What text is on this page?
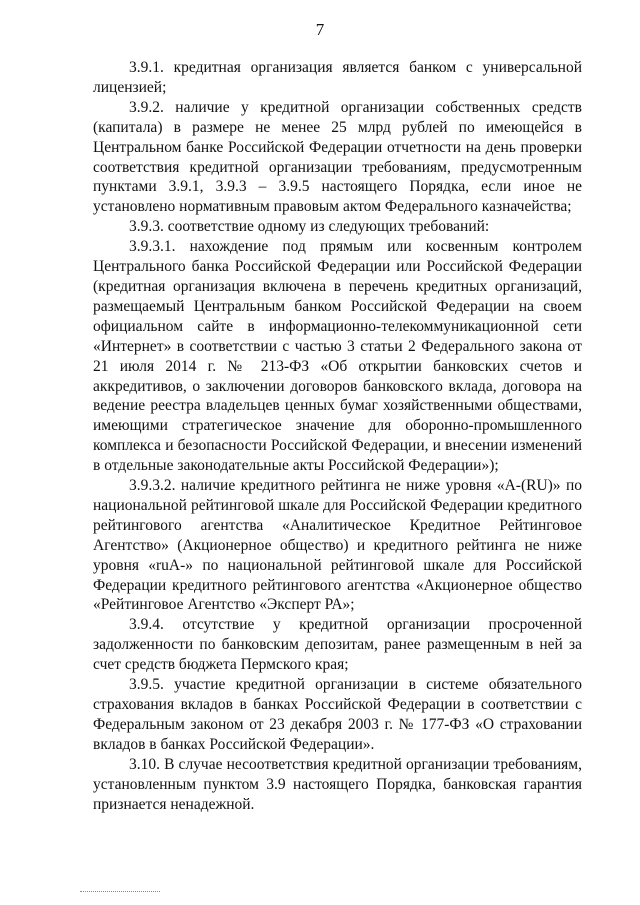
7

3.9.1. кредитная организация является банком с универсальной лицензией;

3.9.2. наличие у кредитной организации собственных средств (капитала) в размере не менее 25 млрд рублей по имеющейся в Центральном банке Российской Федерации отчетности на день проверки соответствия кредитной организации требованиям, предусмотренным пунктами 3.9.1, 3.9.3 – 3.9.5 настоящего Порядка, если иное не установлено нормативным правовым актом Федерального казначейства;

3.9.3. соответствие одному из следующих требований:

3.9.3.1. нахождение под прямым или косвенным контролем Центрального банка Российской Федерации или Российской Федерации (кредитная организация включена в перечень кредитных организаций, размещаемый Центральным банком Российской Федерации на своем официальном сайте в информационно-телекоммуникационной сети «Интернет» в соответствии с частью 3 статьи 2 Федерального закона от 21 июля 2014 г. № 213-ФЗ «Об открытии банковских счетов и аккредитивов, о заключении договоров банковского вклада, договора на ведение реестра владельцев ценных бумаг хозяйственными обществами, имеющими стратегическое значение для оборонно-промышленного комплекса и безопасности Российской Федерации, и внесении изменений в отдельные законодательные акты Российской Федерации»);

3.9.3.2. наличие кредитного рейтинга не ниже уровня «A-(RU)» по национальной рейтинговой шкале для Российской Федерации кредитного рейтингового агентства «Аналитическое Кредитное Рейтинговое Агентство» (Акционерное общество) и кредитного рейтинга не ниже уровня «ruA-» по национальной рейтинговой шкале для Российской Федерации кредитного рейтингового агентства «Акционерное общество «Рейтинговое Агентство «Эксперт РА»;

3.9.4. отсутствие у кредитной организации просроченной задолженности по банковским депозитам, ранее размещенным в ней за счет средств бюджета Пермского края;

3.9.5. участие кредитной организации в системе обязательного страхования вкладов в банках Российской Федерации в соответствии с Федеральным законом от 23 декабря 2003 г. № 177-ФЗ «О страховании вкладов в банках Российской Федерации».

3.10. В случае несоответствия кредитной организации требованиям, установленным пунктом 3.9 настоящего Порядка, банковская гарантия признается ненадежной.
